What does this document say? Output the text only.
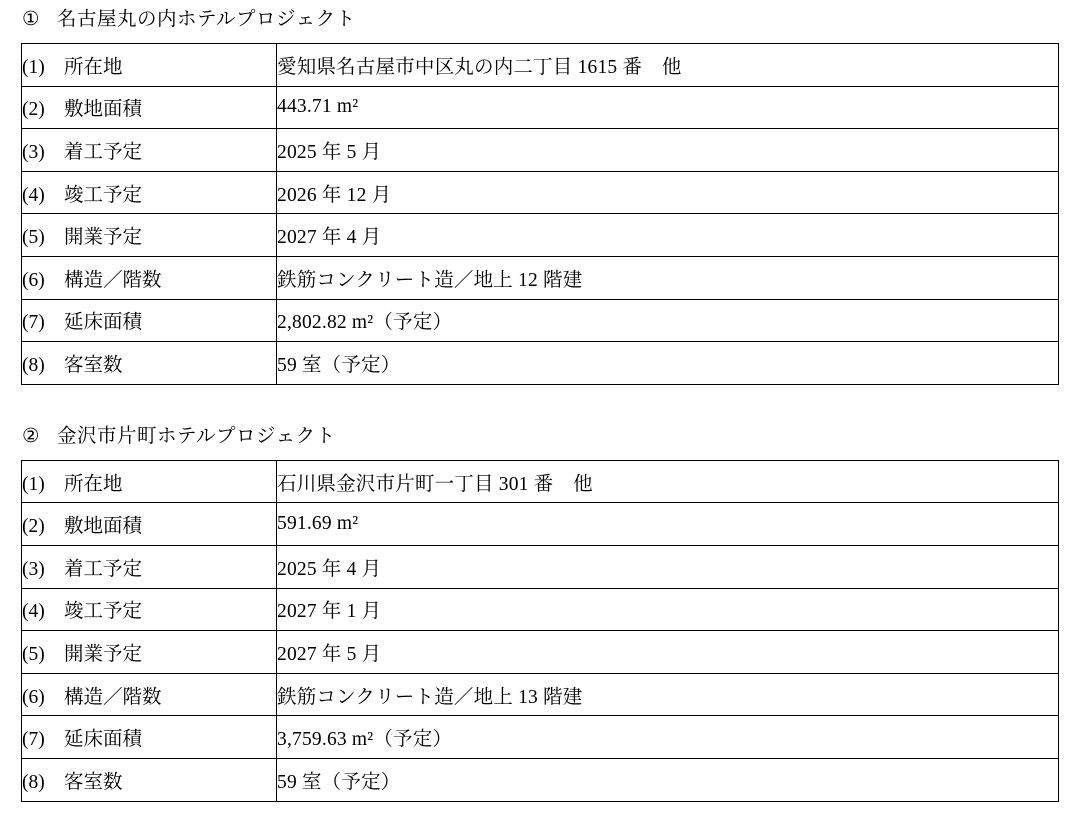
① 名古屋丸の内ホテルプロジェクト
(1) 所在地	愛知県名古屋市中区丸の内二丁目 1615 番　他
(2) 敷地面積	443.71 m²
(3) 着工予定	2025 年 5 月
(4) 竣工予定	2026 年 12 月
(5) 開業予定	2027 年 4 月
(6) 構造／階数	鉄筋コンクリート造／地上 12 階建
(7) 延床面積	2,802.82 m²（予定）
(8) 客室数	59 室（予定）
② 金沢市片町ホテルプロジェクト
(1) 所在地	石川県金沢市片町一丁目 301 番　他
(2) 敷地面積	591.69 m²
(3) 着工予定	2025 年 4 月
(4) 竣工予定	2027 年 1 月
(5) 開業予定	2027 年 5 月
(6) 構造／階数	鉄筋コンクリート造／地上 13 階建
(7) 延床面積	3,759.63 m²（予定）
(8) 客室数	59 室（予定）
